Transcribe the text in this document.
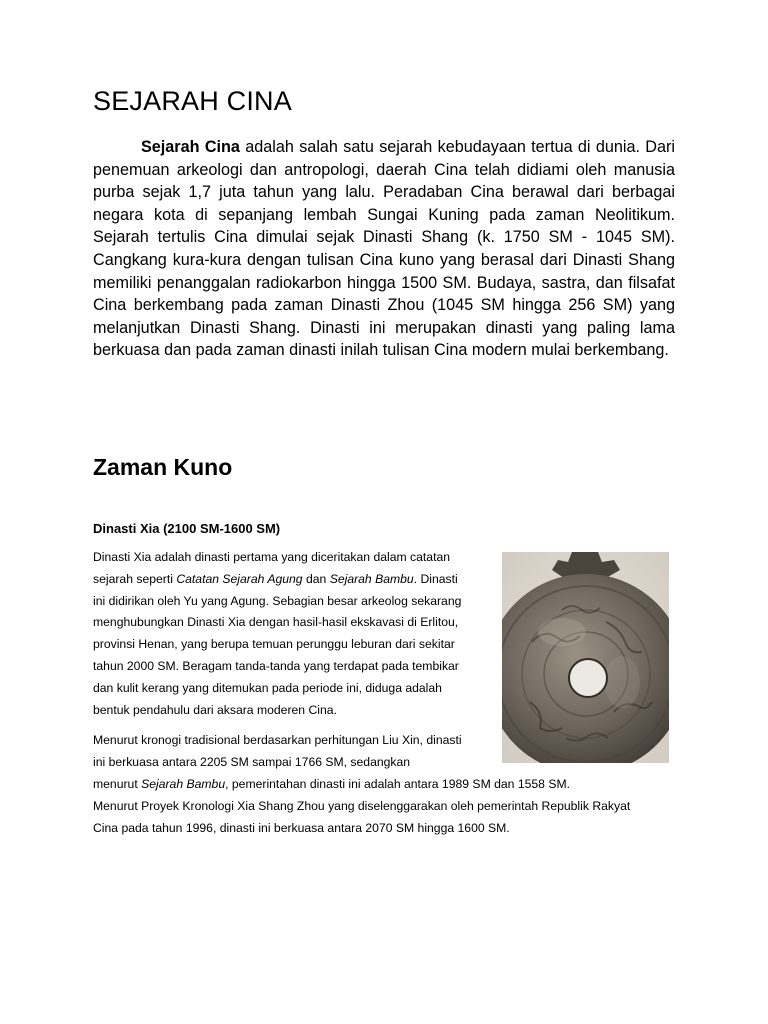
SEJARAH CINA

Sejarah Cina adalah salah satu sejarah kebudayaan tertua di dunia. Dari penemuan arkeologi dan antropologi, daerah Cina telah didiami oleh manusia purba sejak 1,7 juta tahun yang lalu. Peradaban Cina berawal dari berbagai negara kota di sepanjang lembah Sungai Kuning pada zaman Neolitikum. Sejarah tertulis Cina dimulai sejak Dinasti Shang (k. 1750 SM - 1045 SM). Cangkang kura-kura dengan tulisan Cina kuno yang berasal dari Dinasti Shang memiliki penanggalan radiokarbon hingga 1500 SM. Budaya, sastra, dan filsafat Cina berkembang pada zaman Dinasti Zhou (1045 SM hingga 256 SM) yang melanjutkan Dinasti Shang. Dinasti ini merupakan dinasti yang paling lama berkuasa dan pada zaman dinasti inilah tulisan Cina modern mulai berkembang.

Zaman Kuno
Dinasti Xia (2100 SM-1600 SM)

Dinasti Xia adalah dinasti pertama yang diceritakan dalam catatan
sejarah seperti Catatan Sejarah Agung dan Sejarah Bambu. Dinasti
ini didirikan oleh Yu yang Agung. Sebagian besar arkeolog sekarang
menghubungkan Dinasti Xia dengan hasil-hasil ekskavasi di Erlitou,
provinsi Henan, yang berupa temuan perunggu leburan dari sekitar
tahun 2000 SM. Beragam tanda-tanda yang terdapat pada tembikar
dan kulit kerang yang ditemukan pada periode ini, diduga adalah
bentuk pendahulu dari aksara moderen Cina.

Menurut kronogi tradisional berdasarkan perhitungan Liu Xin, dinasti
ini berkuasa antara 2205 SM sampai 1766 SM, sedangkan

menurut Sejarah Bambu, pemerintahan dinasti ini adalah antara 1989 SM dan 1558 SM.
Menurut Proyek Kronologi Xia Shang Zhou yang diselenggarakan oleh pemerintah Republik Rakyat
Cina pada tahun 1996, dinasti ini berkuasa antara 2070 SM hingga 1600 SM.
